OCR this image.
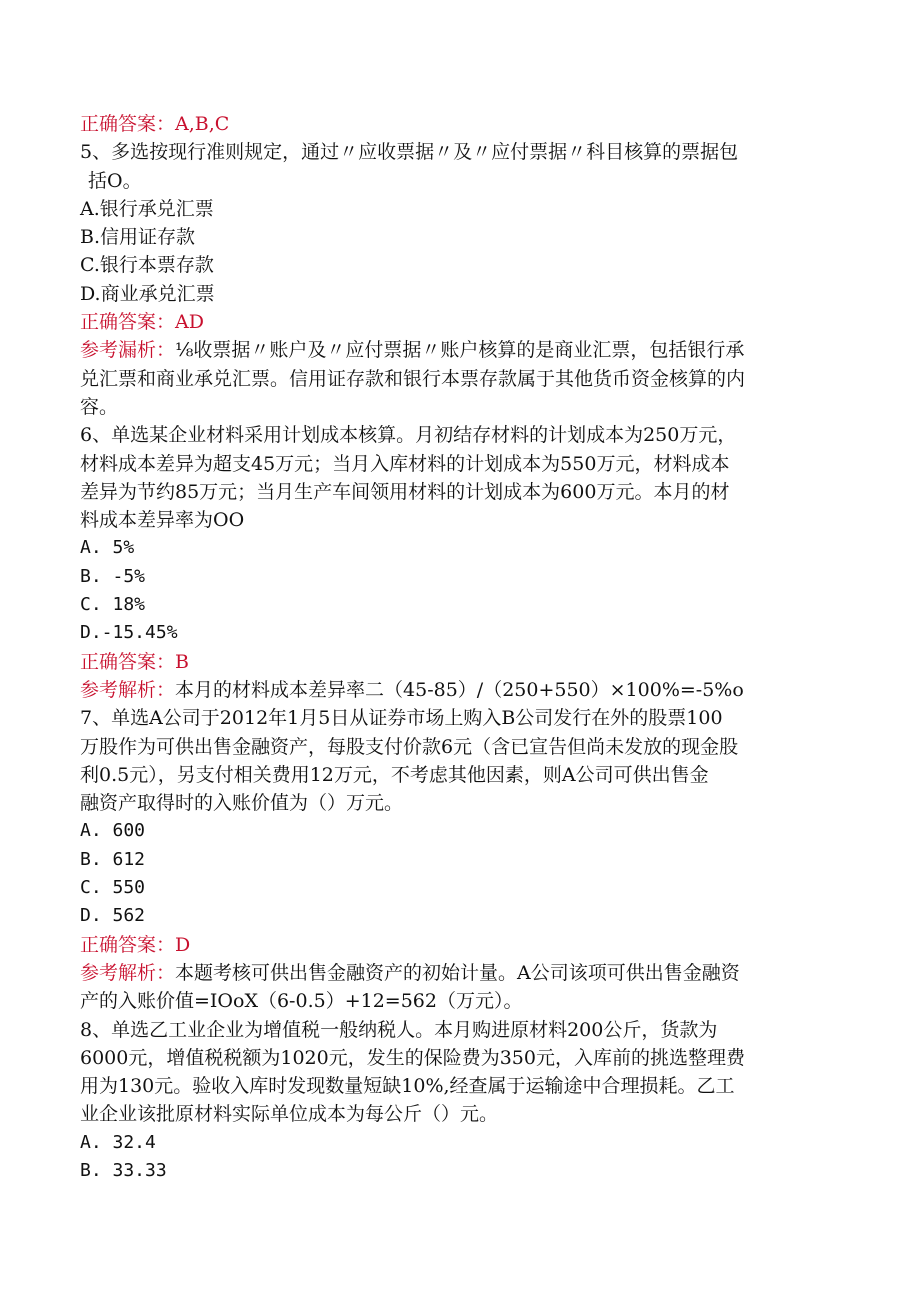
正确答案：A,B,C

5、多选按现行准则规定，通过〃应收票据〃及〃应付票据〃科目核算的票据包

括O。

A.银行承兑汇票

B.信用证存款

C.银行本票存款

D.商业承兑汇票

正确答案：AD

参考漏析：⅛收票据〃账户及〃应付票据〃账户核算的是商业汇票，包括银行承

兑汇票和商业承兑汇票。信用证存款和银行本票存款属于其他货币资金核算的内

容。

6、单选某企业材料采用计划成本核算。月初结存材料的计划成本为250万元，

材料成本差异为超支45万元；当月入库材料的计划成本为550万元，材料成本

差异为节约85万元；当月生产车间领用材料的计划成本为600万元。本月的材

料成本差异率为OO

A. 5%

B. -5%

C. 18%

D.-15.45%

正确答案：B

参考解析：本月的材料成本差异率二（45-85）/（250+550）×100%=-5%o

7、单选A公司于2012年1月5日从证券市场上购入B公司发行在外的股票100

万股作为可供出售金融资产，每股支付价款6元（含已宣告但尚未发放的现金股

利0.5元），另支付相关费用12万元，不考虑其他因素，则A公司可供出售金

融资产取得时的入账价值为（）万元。

A. 600

B. 612

C. 550

D. 562

正确答案：D

参考解析：本题考核可供出售金融资产的初始计量。A公司该项可供出售金融资

产的入账价值=IOoX（6-0.5）+12=562（万元）。

8、单选乙工业企业为增值税一般纳税人。本月购进原材料200公斤，货款为

6000元，增值税税额为1020元，发生的保险费为350元，入库前的挑选整理费

用为130元。验收入库时发现数量短缺10%,经查属于运输途中合理损耗。乙工

业企业该批原材料实际单位成本为每公斤（）元。

A. 32.4

B. 33.33
